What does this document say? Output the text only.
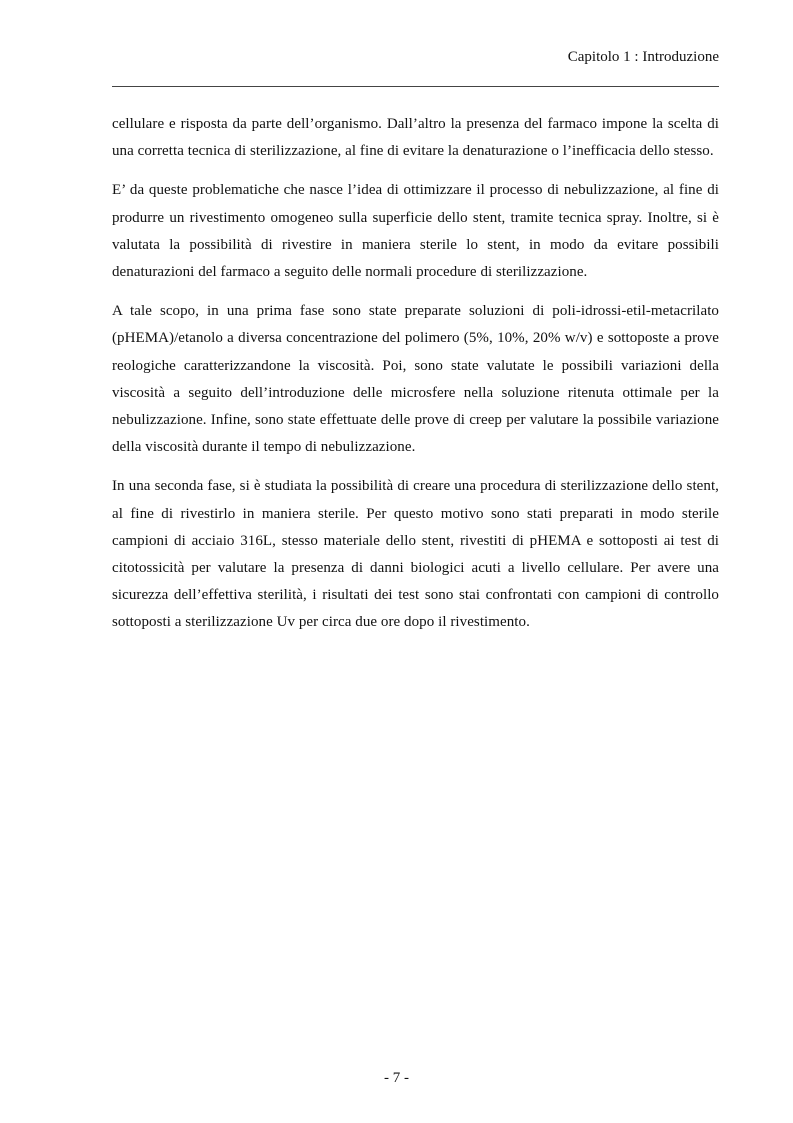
Capitolo 1 : Introduzione

cellulare e risposta da parte dell’organismo. Dall’altro la presenza del farmaco impone la scelta di una corretta tecnica di sterilizzazione, al fine di evitare la denaturazione o l’inefficacia dello stesso.

E’ da queste problematiche che nasce l’idea di ottimizzare il processo di nebulizzazione, al fine di produrre un rivestimento omogeneo sulla superficie dello stent, tramite tecnica spray. Inoltre, si è valutata la possibilità di rivestire in maniera sterile lo stent, in modo da evitare possibili denaturazioni del farmaco a seguito delle normali procedure di sterilizzazione.

A tale scopo, in una prima fase sono state preparate soluzioni di poli-idrossi-etil-metacrilato (pHEMA)/etanolo a diversa concentrazione del polimero (5%, 10%, 20% w/v) e sottoposte a prove reologiche caratterizzandone la viscosità. Poi, sono state valutate le possibili variazioni della viscosità a seguito dell’introduzione delle microsfere nella soluzione ritenuta ottimale per la nebulizzazione. Infine, sono state effettuate delle prove di creep per valutare la possibile variazione della viscosità durante il tempo di nebulizzazione.

In una seconda fase, si è studiata la possibilità di creare una procedura di sterilizzazione dello stent, al fine di rivestirlo in maniera sterile. Per questo motivo sono stati preparati in modo sterile campioni di acciaio 316L, stesso materiale dello stent, rivestiti di pHEMA e sottoposti ai test di citotossicità per valutare la presenza di danni biologici acuti a livello cellulare. Per avere una sicurezza dell’effettiva sterilità, i risultati dei test sono stai confrontati con campioni di controllo sottoposti a sterilizzazione Uv per circa due ore dopo il rivestimento.

- 7 -
